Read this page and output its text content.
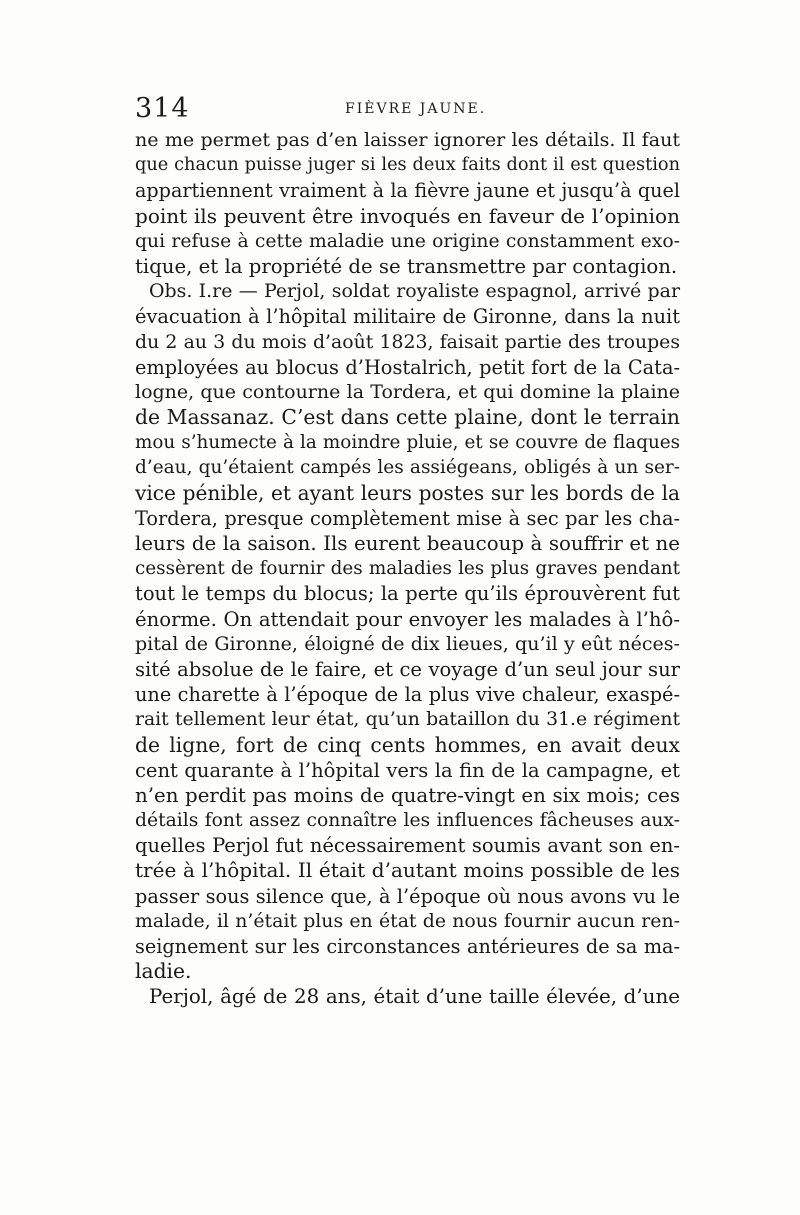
314	FIÈVRE JAUNE.
ne me permet pas d’en laisser ignorer les détails. Il faut
que chacun puisse juger si les deux faits dont il est question
appartiennent vraiment à la fièvre jaune et jusqu’à quel
point ils peuvent être invoqués en faveur de l’opinion
qui refuse à cette maladie une origine constamment exo-
tique, et la propriété de se transmettre par contagion.
Obs. I.re — Perjol, soldat royaliste espagnol, arrivé par
évacuation à l’hôpital militaire de Gironne, dans la nuit
du 2 au 3 du mois d’août 1823, faisait partie des troupes
employées au blocus d’Hostalrich, petit fort de la Cata-
logne, que contourne la Tordera, et qui domine la plaine
de Massanaz. C’est dans cette plaine, dont le terrain
mou s’humecte à la moindre pluie, et se couvre de flaques
d’eau, qu’étaient campés les assiégeans, obligés à un ser-
vice pénible, et ayant leurs postes sur les bords de la
Tordera, presque complètement mise à sec par les cha-
leurs de la saison. Ils eurent beaucoup à souffrir et ne
cessèrent de fournir des maladies les plus graves pendant
tout le temps du blocus; la perte qu’ils éprouvèrent fut
énorme. On attendait pour envoyer les malades à l’hô-
pital de Gironne, éloigné de dix lieues, qu’il y eût néces-
sité absolue de le faire, et ce voyage d’un seul jour sur
une charette à l’époque de la plus vive chaleur, exaspé-
rait tellement leur état, qu’un bataillon du 31.e régiment
de ligne, fort de cinq cents hommes, en avait deux
cent quarante à l’hôpital vers la fin de la campagne, et
n’en perdit pas moins de quatre-vingt en six mois; ces
détails font assez connaître les influences fâcheuses aux-
quelles Perjol fut nécessairement soumis avant son en-
trée à l’hôpital. Il était d’autant moins possible de les
passer sous silence que, à l’époque où nous avons vu le
malade, il n’était plus en état de nous fournir aucun ren-
seignement sur les circonstances antérieures de sa ma-
ladie.
Perjol, âgé de 28 ans, était d’une taille élevée, d’une
